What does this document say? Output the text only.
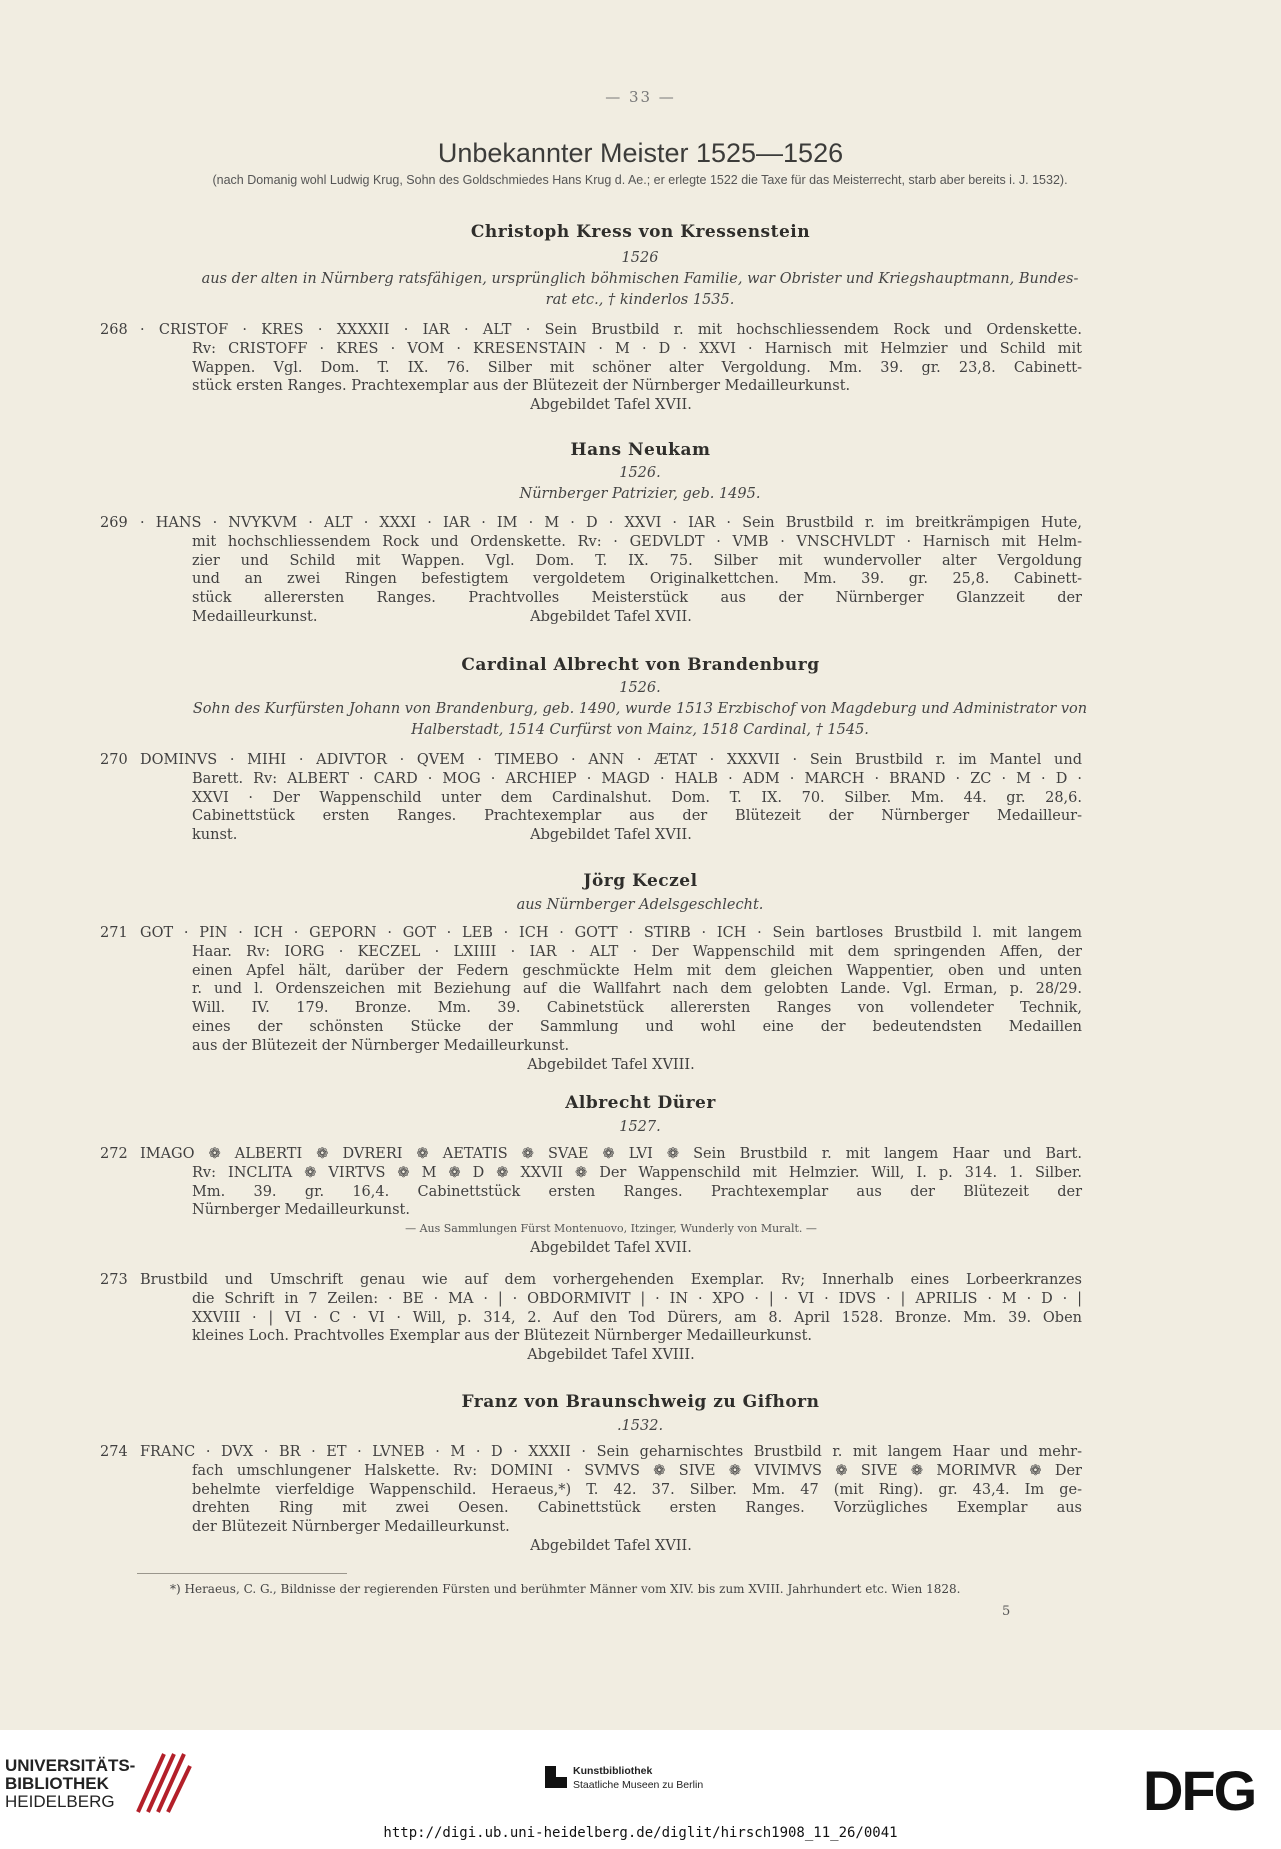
— 33 —
Unbekannter Meister 1525—1526
(nach Domanig wohl Ludwig Krug, Sohn des Goldschmiedes Hans Krug d. Ae.; er erlegte 1522 die Taxe für das Meisterrecht, starb aber bereits i. J. 1532).
Christoph Kress von Kressenstein
1526
aus der alten in Nürnberg ratsfähigen, ursprünglich böhmischen Familie, war Obrister und Kriegshauptmann, Bundes-
rat etc., † kinderlos 1535.
268 · CRISTOF · KRES · XXXXII · IAR · ALT · Sein Brustbild r. mit hochschliessendem Rock und Ordenskette.
Rv: CRISTOFF · KRES · VOM · KRESENSTAIN · M · D · XXVI · Harnisch mit Helmzier und Schild mit
Wappen. Vgl. Dom. T. IX. 76. Silber mit schöner alter Vergoldung. Mm. 39. gr. 23,8. Cabinett-
stück ersten Ranges. Prachtexemplar aus der Blütezeit der Nürnberger Medailleurkunst.
Abgebildet Tafel XVII.
Hans Neukam
1526.
Nürnberger Patrizier, geb. 1495.
269 · HANS · NVYKVM · ALT · XXXI · IAR · IM · M · D · XXVI · IAR · Sein Brustbild r. im breitkrämpigen Hute,
mit hochschliessendem Rock und Ordenskette. Rv: · GEDVLDT · VMB · VNSCHVLDT · Harnisch mit Helm-
zier und Schild mit Wappen. Vgl. Dom. T. IX. 75. Silber mit wundervoller alter Vergoldung
und an zwei Ringen befestigtem vergoldetem Originalkettchen. Mm. 39. gr. 25,8. Cabinett-
stück allerersten Ranges. Prachtvolles Meisterstück aus der Nürnberger Glanzzeit der
Medailleurkunst.	Abgebildet Tafel XVII.
Cardinal Albrecht von Brandenburg
1526.
Sohn des Kurfürsten Johann von Brandenburg, geb. 1490, wurde 1513 Erzbischof von Magdeburg und Administrator von
Halberstadt, 1514 Curfürst von Mainz, 1518 Cardinal, † 1545.
270 DOMINVS · MIHI · ADIVTOR · QVEM · TIMEBO · ANN · ÆTAT · XXXVII · Sein Brustbild r. im Mantel und
Barett. Rv: ALBERT · CARD · MOG · ARCHIEP · MAGD · HALB · ADM · MARCH · BRAND · ZC · M · D ·
XXVI · Der Wappenschild unter dem Cardinalshut. Dom. T. IX. 70. Silber. Mm. 44. gr. 28,6.
Cabinettstück ersten Ranges. Prachtexemplar aus der Blütezeit der Nürnberger Medailleur-
kunst.	Abgebildet Tafel XVII.
Jörg Keczel
aus Nürnberger Adelsgeschlecht.
271 GOT · PIN · ICH · GEPORN · GOT · LEB · ICH · GOTT · STIRB · ICH · Sein bartloses Brustbild l. mit langem
Haar. Rv: IORG · KECZEL · LXIIII · IAR · ALT · Der Wappenschild mit dem springenden Affen, der
einen Apfel hält, darüber der Federn geschmückte Helm mit dem gleichen Wappentier, oben und unten
r. und l. Ordenszeichen mit Beziehung auf die Wallfahrt nach dem gelobten Lande. Vgl. Erman, p. 28/29.
Will. IV. 179. Bronze. Mm. 39. Cabinetstück allerersten Ranges von vollendeter Technik,
eines der schönsten Stücke der Sammlung und wohl eine der bedeutendsten Medaillen
aus der Blütezeit der Nürnberger Medailleurkunst.
Abgebildet Tafel XVIII.
Albrecht Dürer
1527.
272 IMAGO ❁ ALBERTI ❁ DVRERI ❁ AETATIS ❁ SVAE ❁ LVI ❁ Sein Brustbild r. mit langem Haar und Bart.
Rv: INCLITA ❁ VIRTVS ❁ M ❁ D ❁ XXVII ❁ Der Wappenschild mit Helmzier. Will, I. p. 314. 1. Silber.
Mm. 39. gr. 16,4. Cabinettstück ersten Ranges. Prachtexemplar aus der Blütezeit der
Nürnberger Medailleurkunst.
— Aus Sammlungen Fürst Montenuovo, Itzinger, Wunderly von Muralt. —
Abgebildet Tafel XVII.
273 Brustbild und Umschrift genau wie auf dem vorhergehenden Exemplar. Rv; Innerhalb eines Lorbeerkranzes
die Schrift in 7 Zeilen: · BE · MA · | · OBDORMIVIT | · IN · XPO · | · VI · IDVS · | APRILIS · M · D · |
XXVIII · | VI · C · VI · Will, p. 314, 2. Auf den Tod Dürers, am 8. April 1528. Bronze. Mm. 39. Oben
kleines Loch. Prachtvolles Exemplar aus der Blütezeit Nürnberger Medailleurkunst.
Abgebildet Tafel XVIII.
Franz von Braunschweig zu Gifhorn
.1532.
274 FRANC · DVX · BR · ET · LVNEB · M · D · XXXII · Sein geharnischtes Brustbild r. mit langem Haar und mehr-
fach umschlungener Halskette. Rv: DOMINI · SVMVS ❁ SIVE ❁ VIVIMVS ❁ SIVE ❁ MORIMVR ❁ Der
behelmte vierfeldige Wappenschild. Heraeus,*) T. 42. 37. Silber. Mm. 47 (mit Ring). gr. 43,4. Im ge-
drehten Ring mit zwei Oesen. Cabinettstück ersten Ranges. Vorzügliches Exemplar aus
der Blütezeit Nürnberger Medailleurkunst.
Abgebildet Tafel XVII.
*) Heraeus, C. G., Bildnisse der regierenden Fürsten und berühmter Männer vom XIV. bis zum XVIII. Jahrhundert etc. Wien 1828.
5
UNIVERSITÄTS-
BIBLIOTHEK
HEIDELBERG
Kunstbibliothek
Staatliche Museen zu Berlin	DFG
http://digi.ub.uni-heidelberg.de/diglit/hirsch1908_11_26/0041
